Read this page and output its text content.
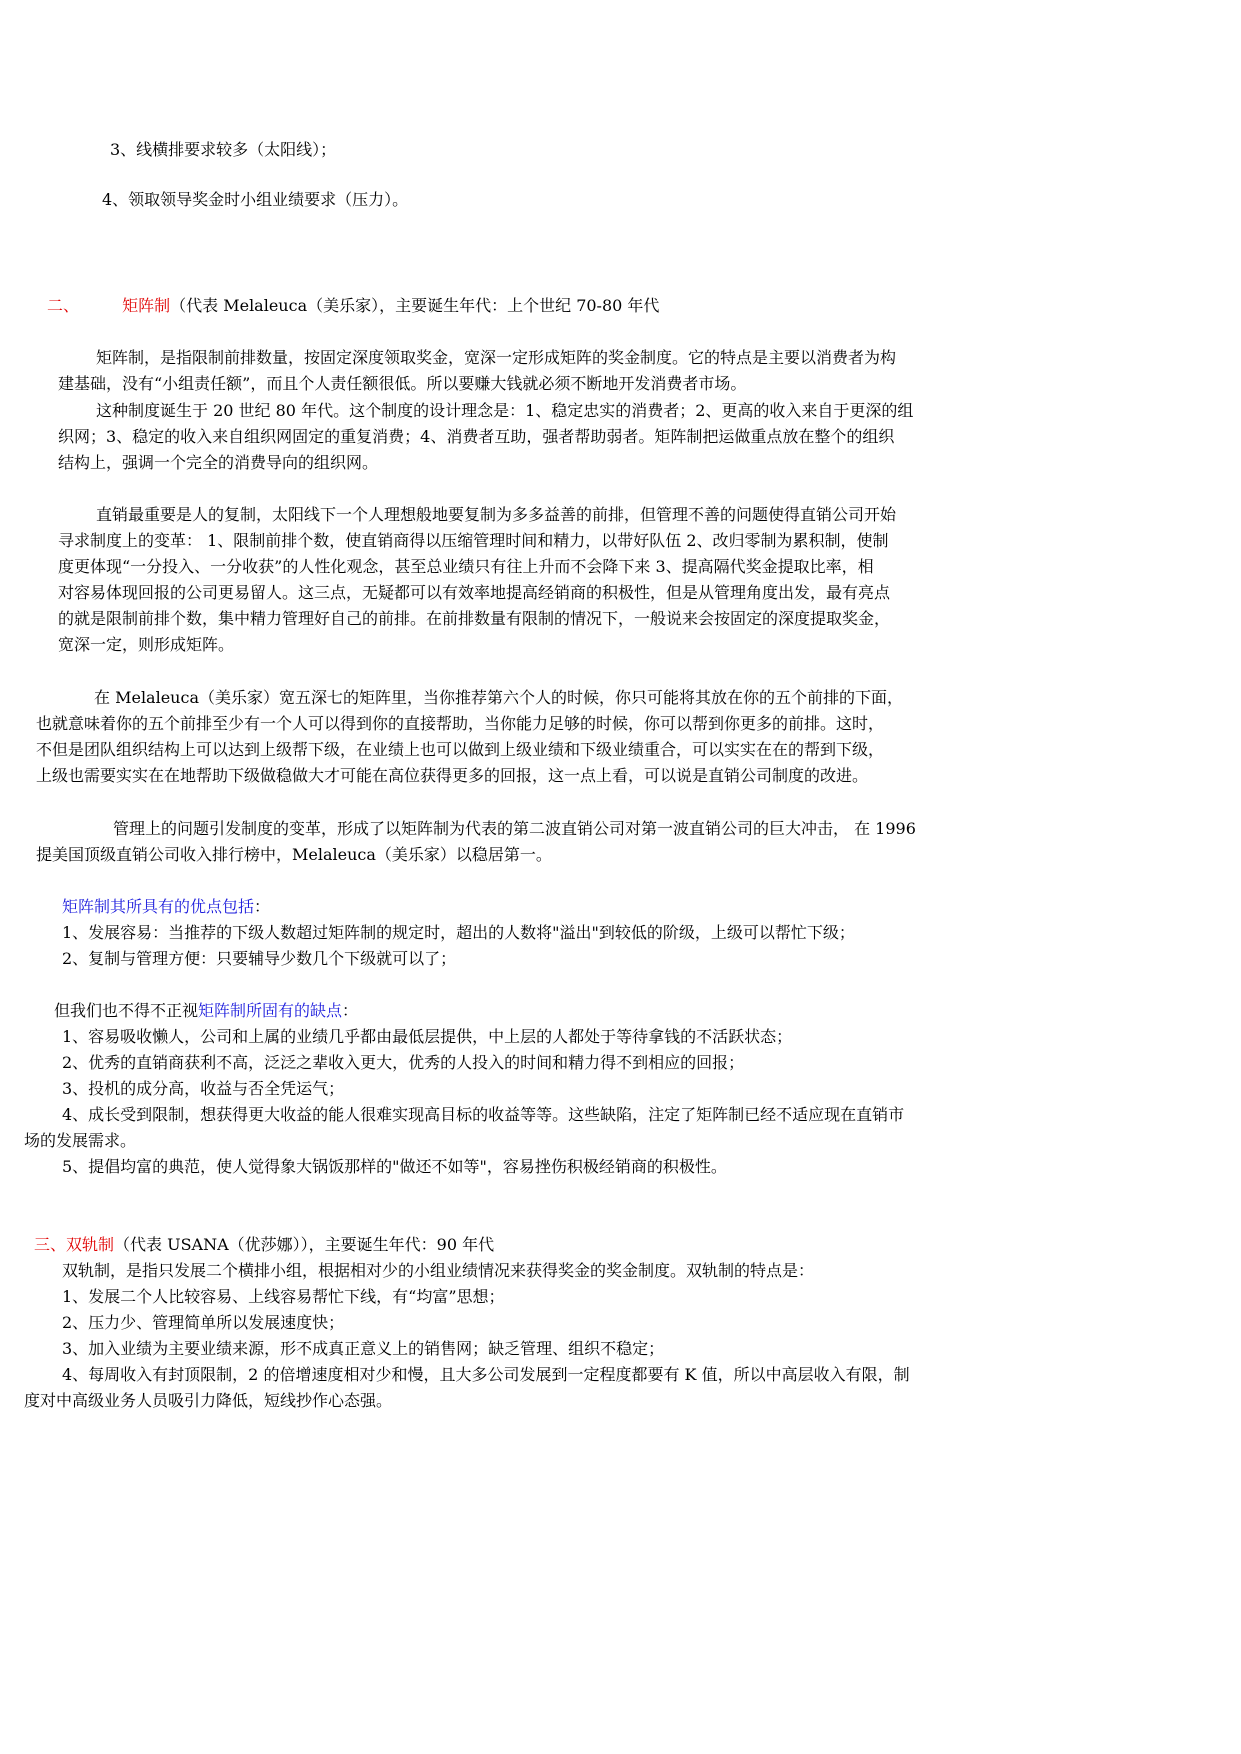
3、线横排要求较多（太阳线）；
4、领取领导奖金时小组业绩要求（压力）。
二、	矩阵制（代表 Melaleuca（美乐家），主要诞生年代：上个世纪 70-80 年代
矩阵制，是指限制前排数量，按固定深度领取奖金，宽深一定形成矩阵的奖金制度。它的特点是主要以消费者为构
建基础，没有“小组责任额”，而且个人责任额很低。所以要赚大钱就必须不断地开发消费者市场。
这种制度诞生于 20 世纪 80 年代。这个制度的设计理念是：1、稳定忠实的消费者；2、更高的收入来自于更深的组
织网；3、稳定的收入来自组织网固定的重复消费；4、消费者互助，强者帮助弱者。矩阵制把运做重点放在整个的组织
结构上，强调一个完全的消费导向的组织网。
直销最重要是人的复制，太阳线下一个人理想般地要复制为多多益善的前排，但管理不善的问题使得直销公司开始
寻求制度上的变革： 1、限制前排个数，使直销商得以压缩管理时间和精力，以带好队伍 2、改归零制为累积制，使制
度更体现“一分投入、一分收获”的人性化观念，甚至总业绩只有往上升而不会降下来 3、提高隔代奖金提取比率，相
对容易体现回报的公司更易留人。这三点，无疑都可以有效率地提高经销商的积极性，但是从管理角度出发，最有亮点
的就是限制前排个数，集中精力管理好自己的前排。在前排数量有限制的情况下，一般说来会按固定的深度提取奖金，
宽深一定，则形成矩阵。
在 Melaleuca（美乐家）宽五深七的矩阵里，当你推荐第六个人的时候，你只可能将其放在你的五个前排的下面，
也就意味着你的五个前排至少有一个人可以得到你的直接帮助，当你能力足够的时候，你可以帮到你更多的前排。这时，
不但是团队组织结构上可以达到上级帮下级，在业绩上也可以做到上级业绩和下级业绩重合，可以实实在在的帮到下级，
上级也需要实实在在地帮助下级做稳做大才可能在高位获得更多的回报，这一点上看，可以说是直销公司制度的改进。
管理上的问题引发制度的变革，形成了以矩阵制为代表的第二波直销公司对第一波直销公司的巨大冲击， 在 1996
提美国顶级直销公司收入排行榜中，Melaleuca（美乐家）以稳居第一。
矩阵制其所具有的优点包括：
1、发展容易：当推荐的下级人数超过矩阵制的规定时，超出的人数将"溢出"到较低的阶级，上级可以帮忙下级；
2、复制与管理方便：只要辅导少数几个下级就可以了；
但我们也不得不正视矩阵制所固有的缺点：
1、容易吸收懒人，公司和上属的业绩几乎都由最低层提供，中上层的人都处于等待拿钱的不活跃状态；
2、优秀的直销商获利不高，泛泛之辈收入更大，优秀的人投入的时间和精力得不到相应的回报；
3、投机的成分高，收益与否全凭运气；
4、成长受到限制，想获得更大收益的能人很难实现高目标的收益等等。这些缺陷，注定了矩阵制已经不适应现在直销市
场的发展需求。
5、提倡均富的典范，使人觉得象大锅饭那样的"做还不如等"，容易挫伤积极经销商的积极性。
三、双轨制（代表 USANA（优莎娜）），主要诞生年代：90 年代
双轨制，是指只发展二个横排小组，根据相对少的小组业绩情况来获得奖金的奖金制度。双轨制的特点是：
1、发展二个人比较容易、上线容易帮忙下线，有“均富”思想；
2、压力少、管理简单所以发展速度快；
3、加入业绩为主要业绩来源，形不成真正意义上的销售网；缺乏管理、组织不稳定；
4、每周收入有封顶限制，2 的倍增速度相对少和慢，且大多公司发展到一定程度都要有 K 值，所以中高层收入有限，制
度对中高级业务人员吸引力降低，短线抄作心态强。
